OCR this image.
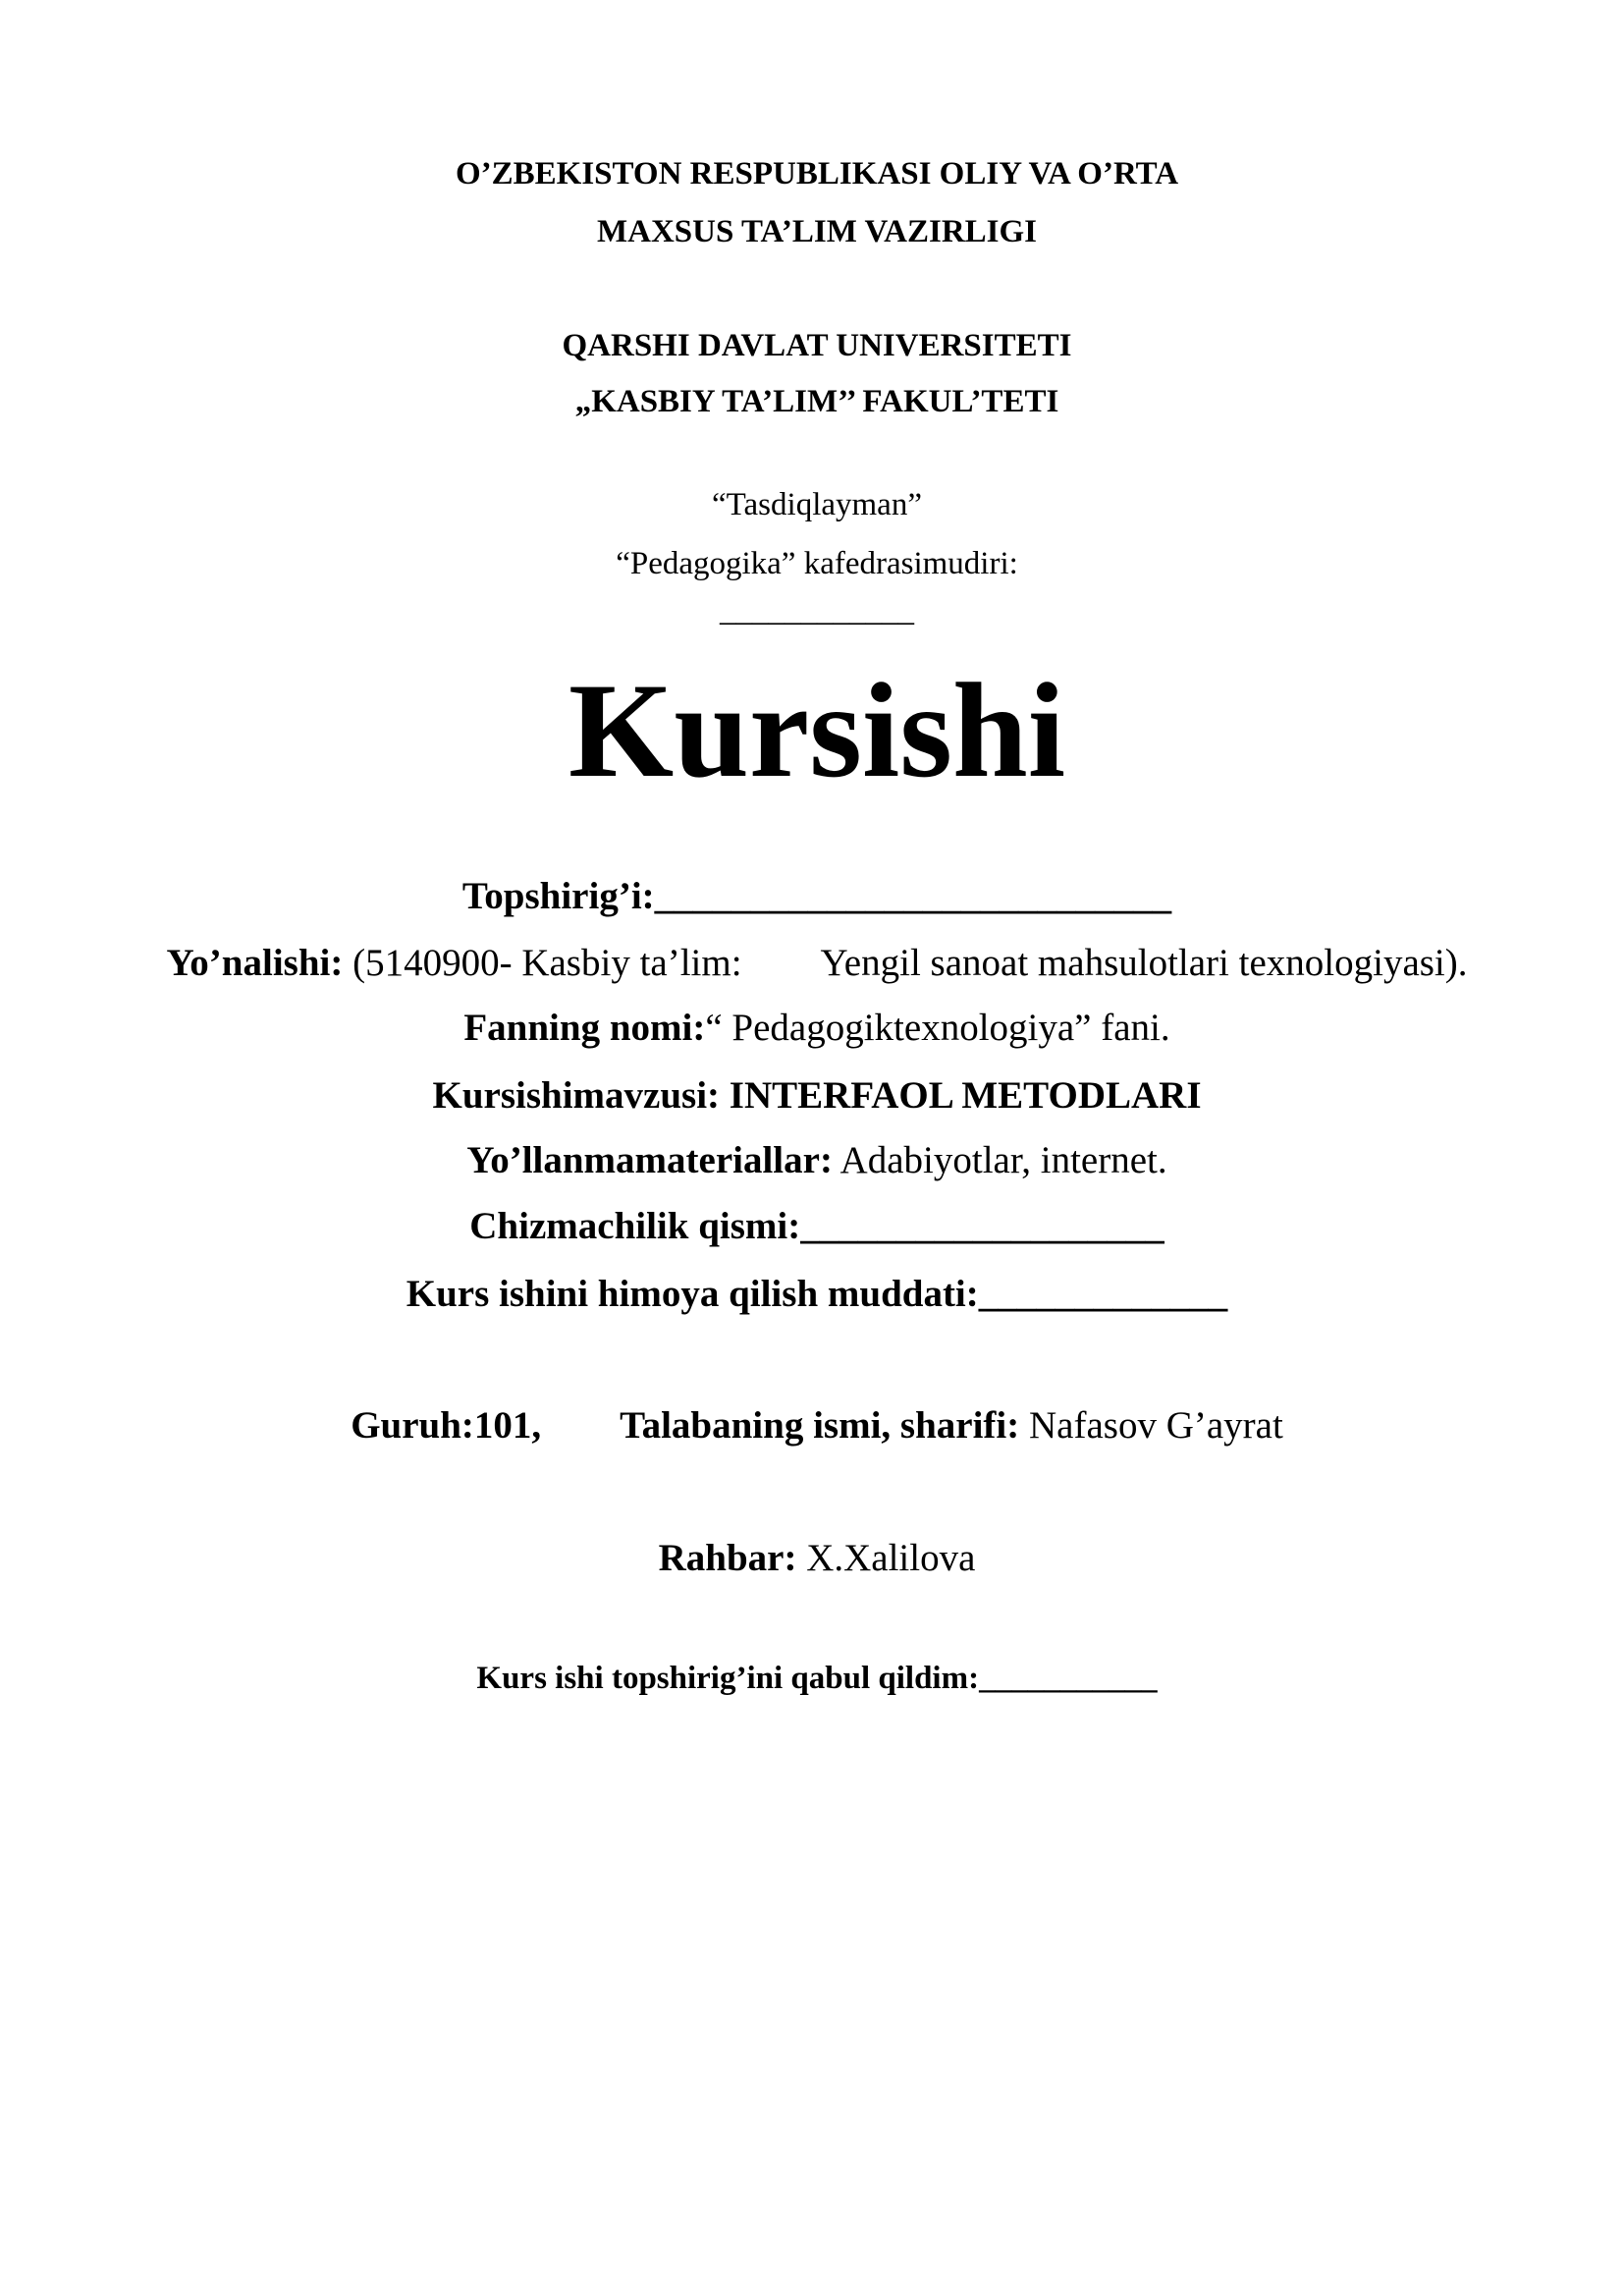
O’ZBEKISTON RESPUBLIKASI OLIY VA O’RTA
MAXSUS TA’LIM VAZIRLIGI
QARSHI DAVLAT UNIVERSITETI
„KASBIY TA’LIM’’ FAKUL’TETI
“Tasdiqlayman”
“Pedagogika” kafedrasimudiri:
____________
Kursishi
Topshirig’i:___________________________
Yo’nalishi: (5140900- Kasbiy ta’lim: Yengil sanoat mahsulotlari texnologiyasi).
Fanning nomi:“ Pedagogiktexnologiya” fani.
Kursishimavzusi: INTERFAOL METODLARI
Yo’llanmamateriallar: Adabiyotlar, internet.
Chizmachilik qismi:___________________
Kurs ishini himoya qilish muddati:_____________
Guruh:101, Talabaning ismi, sharifi: Nafasov G’ayrat
Rahbar: X.Xalilova
Kurs ishi topshirig’ini qabul qildim:___________
